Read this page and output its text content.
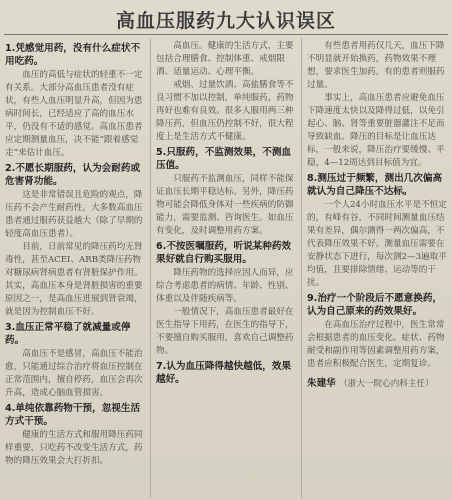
高血压服药九大认识误区
1.凭感觉用药，没有什么症状不用吃药。

血压的高低与症状的轻重不一定有关系。大部分高血压患者没有症状，有些人血压明显升高，但因为患病时间长，已经适应了高的血压水平，仍没有不适的感觉。高血压患者应定期测量血压，决不能“跟着感觉走”来估计血压。

2.不愿长期服药，认为会耐药或危害肾功能。

这是非常错误且危险的观点，降压药不会产生耐药性，大多数高血压患者通过服药获益越大（除了早期的轻度高血压患者）。

目前，日前常见的降压药均无肾毒性，甚至ACEI、ARB类降压药物对糖尿病肾病患者有肾脏保护作用。其实，高血压本身是肾脏损害的重要原因之一，是高血压进展到肾衰竭，就是因为控制血压不好。

3.血压正常平稳了就减量或停药。

高血压不是感冒，高血压不能治愈，只能通过综合治疗将血压控制在正常范围内，擅自停药，血压会再次升高，造成心脑血管损害。

4.单纯依靠药物干预，忽视生活方式干预。

健康的生活方式和服用降压药同样重要，只吃药不改变生活方式，药物的降压效果会大打折扣。

高血压。健康的生活方式，主要包括合理膳食、控制体重、戒烟限酒、适量运动、心理平衡。

戒烟、过量饮酒、高盐膳食等不良习惯不加以控制，单纯服药，药物再好也难有良效。很多人服用两三种降压药，但血压仍控制不好，很大程度上是生活方式不健康。

5.只服药，不监测效果，不测血压值。

只服药不监测血压，同样不能保证血压长期平稳达标。另外，降压药物可能会降低身体对一些疾病的防御能力，需要监测、咨询医生。如血压有变化，及时调整用药方案。

6.不按医嘱服药，听说某种药效果好就自行购买服用。

降压药物的选择应因人而异，应综合考虑患者的病情、年龄、性别、体重以及伴随疾病等。

一般情况下，高血压患者最好在医生指导下用药，在医生的指导下，不要擅自购买服用，喜欢自己调整药物。

7.认为血压降得越快越低，效果越好。

有些患者用药仅几天，血压下降不明显就开始换药，药物效果不理想，要求医生加药，有的患者则服药过量。

事实上，高血压患者应避免血压下降速度太快以及降得过低，以免引起心、脑、肾等重要脏器灌注不足而导致缺血。降压的目标是让血压达标，一般来说，降压治疗要缓慢、平稳，4—12周达到目标值为宜。

8.测压过于频繁，测出几次偏高就认为自己降压不达标。

一个人24小时血压水平是不恒定的，有峰有谷，不同时间测量血压结果有差异，偶尔测得一两次偏高，不代表降压效果不好。测量血压需要在安静状态下进行，每次测2—3遍取平均值，且要排除情绪、运动等的干扰。

9.治疗一个阶段后不愿意换药，认为自己原来的药效果好。

在高血压治疗过程中，医生常常会根据患者的血压变化、症状、药物耐受和副作用等因素调整用药方案，患者应积极配合医生，定期复诊。

朱建华 （浙大一院心内科主任）
